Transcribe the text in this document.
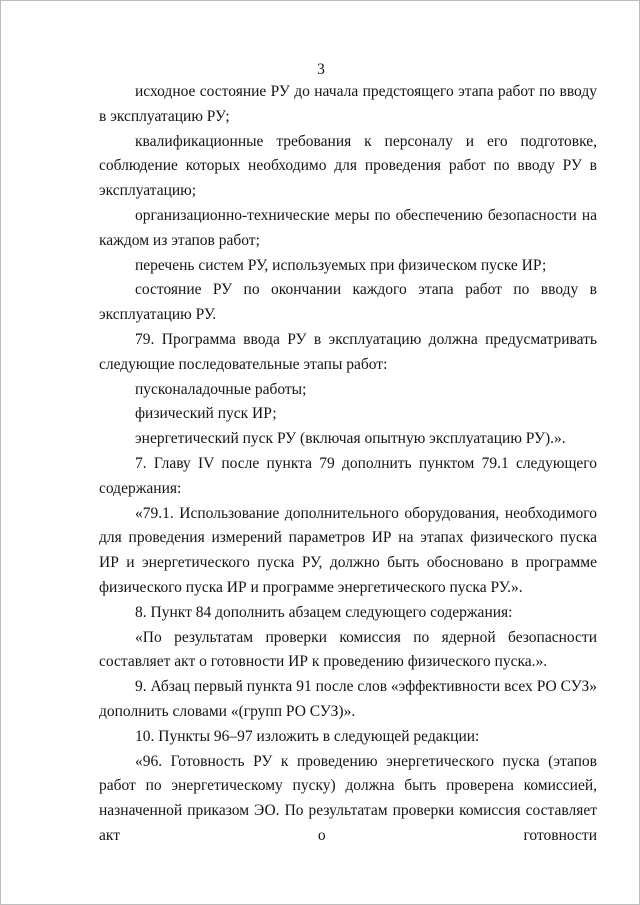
3

исходное состояние РУ до начала предстоящего этапа работ по вводу в эксплуатацию РУ;

квалификационные требования к персоналу и его подготовке, соблюдение которых необходимо для проведения работ по вводу РУ в эксплуатацию;

организационно-технические меры по обеспечению безопасности на каждом из этапов работ;

перечень систем РУ, используемых при физическом пуске ИР;

состояние РУ по окончании каждого этапа работ по вводу в эксплуатацию РУ.

79. Программа ввода РУ в эксплуатацию должна предусматривать следующие последовательные этапы работ:

пусконаладочные работы;

физический пуск ИР;

энергетический пуск РУ (включая опытную эксплуатацию РУ).».

7. Главу IV после пункта 79 дополнить пунктом 79.1 следующего содержания:

«79.1. Использование дополнительного оборудования, необходимого для проведения измерений параметров ИР на этапах физического пуска ИР и энергетического пуска РУ, должно быть обосновано в программе физического пуска ИР и программе энергетического пуска РУ.».

8. Пункт 84 дополнить абзацем следующего содержания:

«По результатам проверки комиссия по ядерной безопасности составляет акт о готовности ИР к проведению физического пуска.».

9. Абзац первый пункта 91 после слов «эффективности всех РО СУЗ» дополнить словами «(групп РО СУЗ)».

10. Пункты 96–97 изложить в следующей редакции:

«96. Готовность РУ к проведению энергетического пуска (этапов работ по энергетическому пуску) должна быть проверена комиссией, назначенной приказом ЭО. По результатам проверки комиссия составляет акт о готовности
